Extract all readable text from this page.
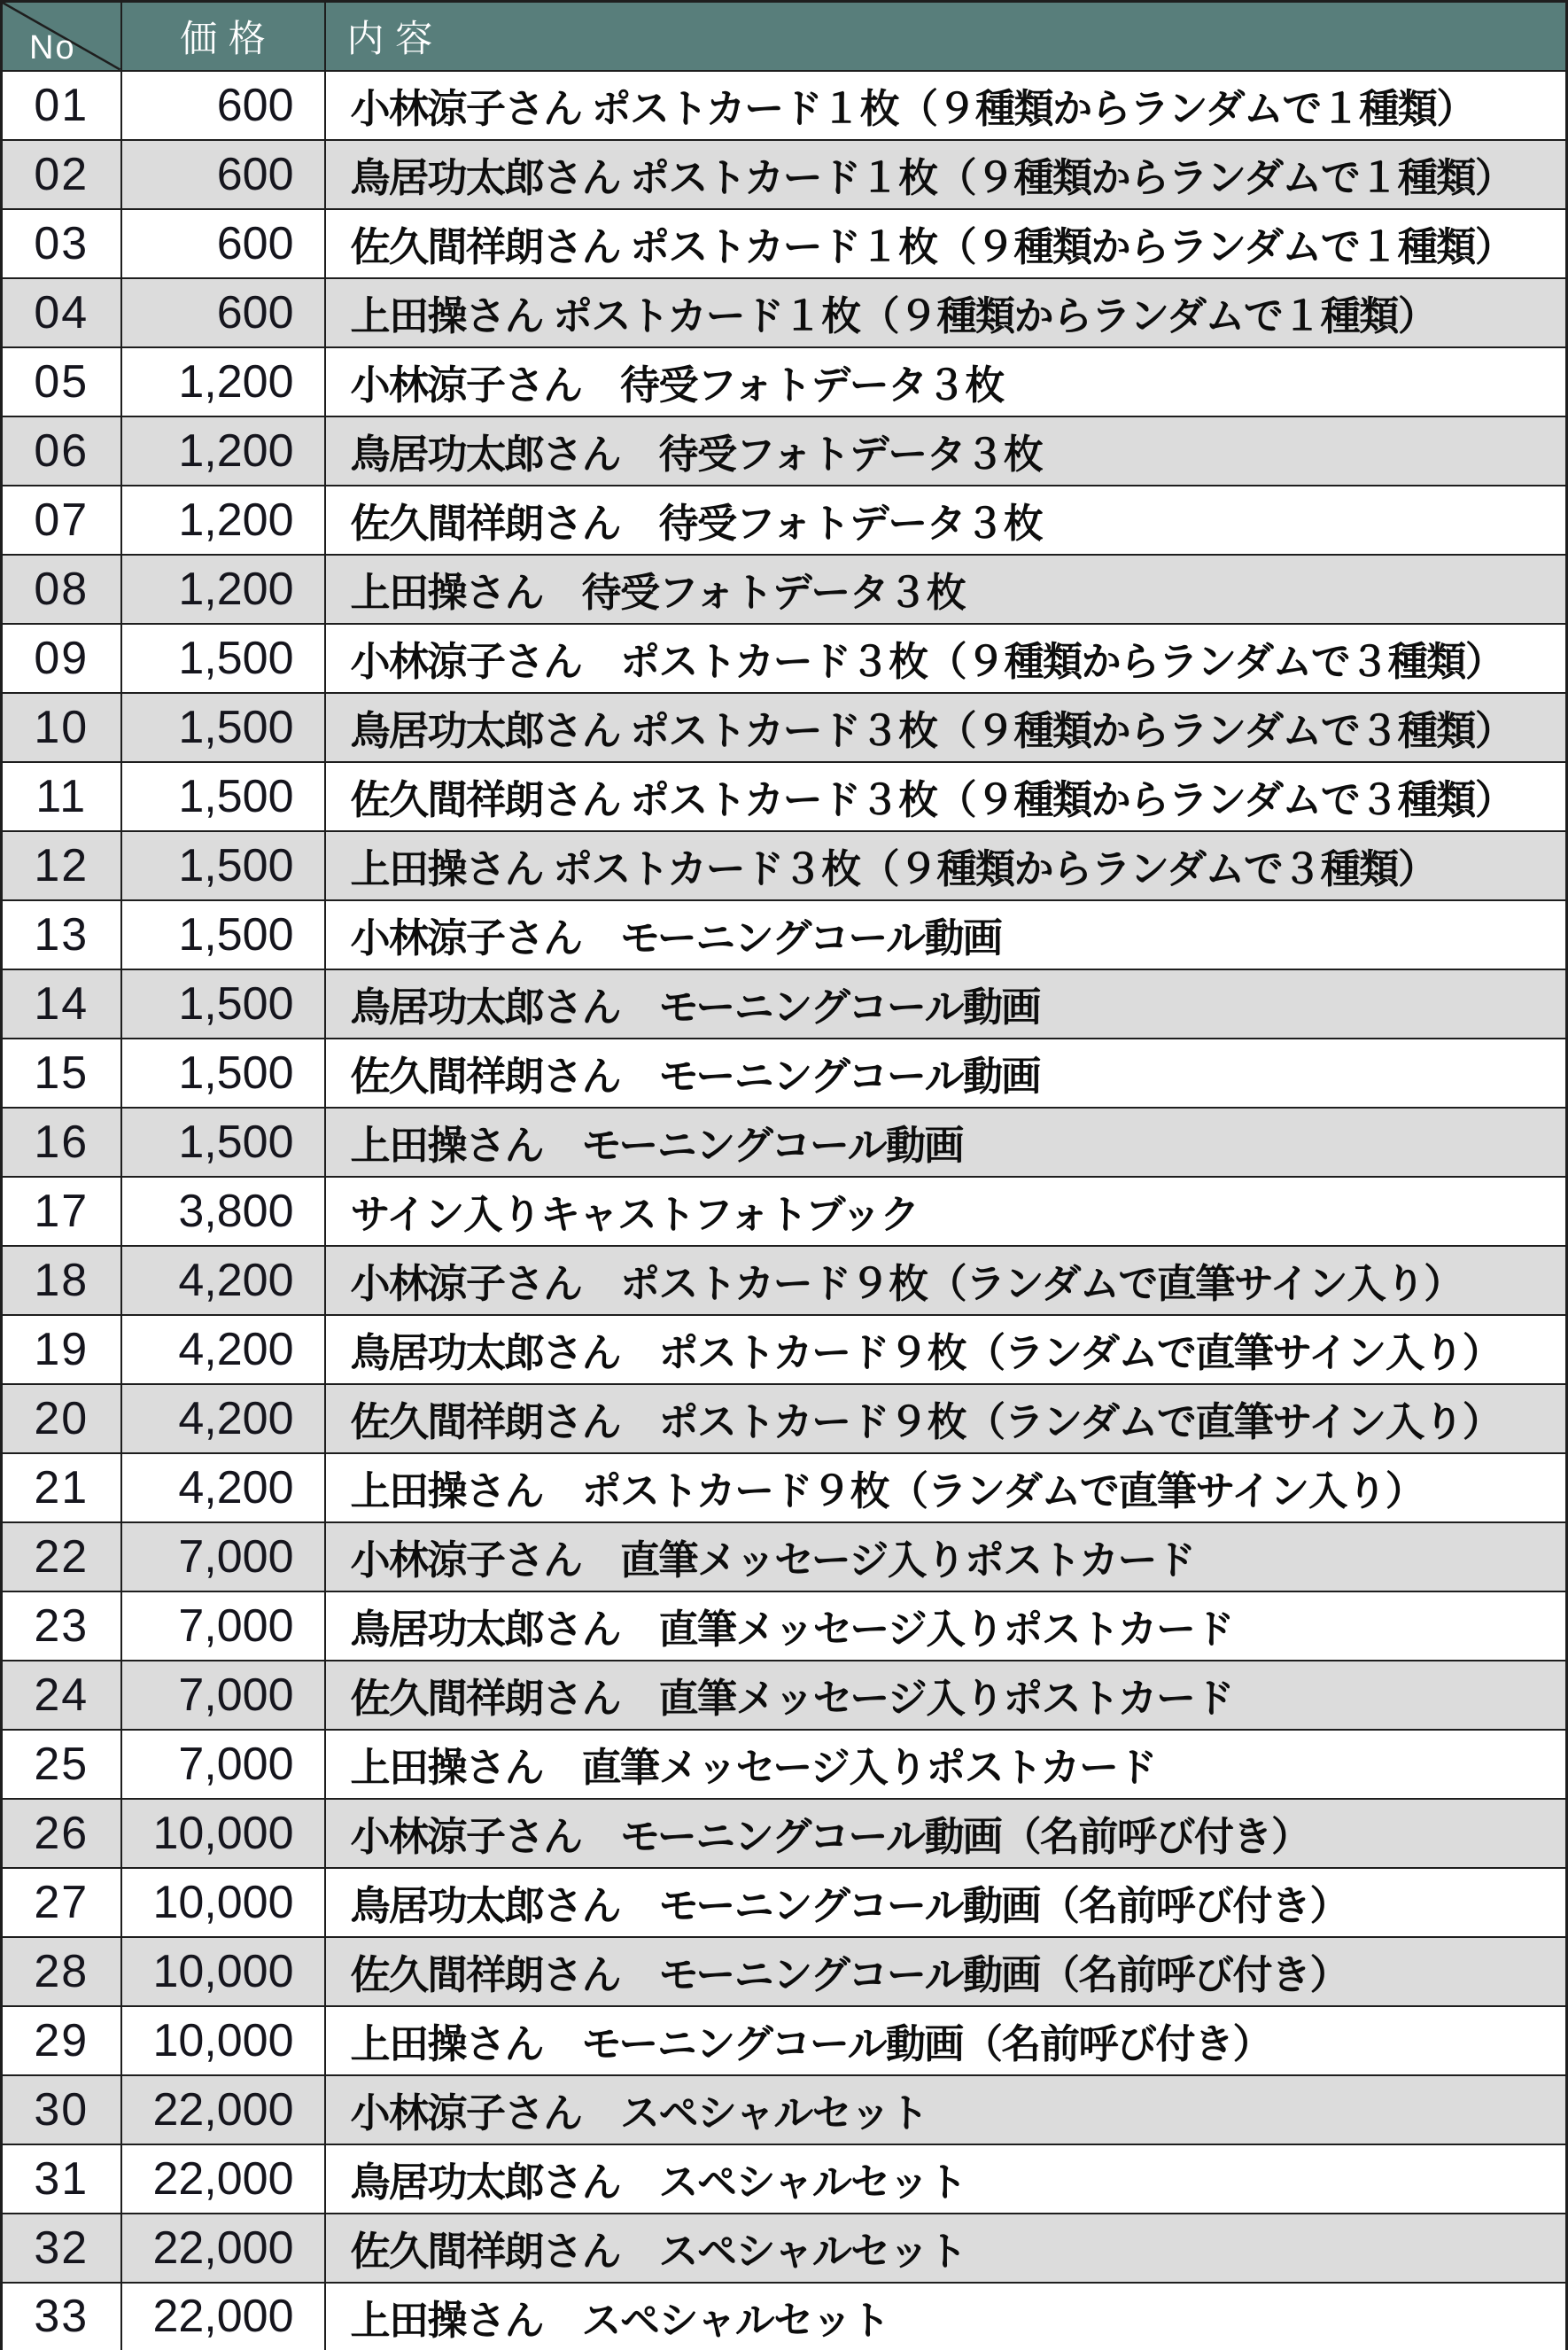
No	価格	内容
01	600	小林涼子さん ポストカード１枚（９種類からランダムで１種類）
02	600	鳥居功太郎さん ポストカード１枚（９種類からランダムで１種類）
03	600	佐久間祥朗さん ポストカード１枚（９種類からランダムで１種類）
04	600	上田操さん ポストカード１枚（９種類からランダムで１種類）
05	1,200	小林涼子さん　待受フォトデータ３枚
06	1,200	鳥居功太郎さん　待受フォトデータ３枚
07	1,200	佐久間祥朗さん　待受フォトデータ３枚
08	1,200	上田操さん　待受フォトデータ３枚
09	1,500	小林涼子さん　ポストカード３枚（９種類からランダムで３種類）
10	1,500	鳥居功太郎さん ポストカード３枚（９種類からランダムで３種類）
11	1,500	佐久間祥朗さん ポストカード３枚（９種類からランダムで３種類）
12	1,500	上田操さん ポストカード３枚（９種類からランダムで３種類）
13	1,500	小林涼子さん　モーニングコール動画
14	1,500	鳥居功太郎さん　モーニングコール動画
15	1,500	佐久間祥朗さん　モーニングコール動画
16	1,500	上田操さん　モーニングコール動画
17	3,800	サイン入りキャストフォトブック
18	4,200	小林涼子さん　ポストカード９枚（ランダムで直筆サイン入り）
19	4,200	鳥居功太郎さん　ポストカード９枚（ランダムで直筆サイン入り）
20	4,200	佐久間祥朗さん　ポストカード９枚（ランダムで直筆サイン入り）
21	4,200	上田操さん　ポストカード９枚（ランダムで直筆サイン入り）
22	7,000	小林涼子さん　直筆メッセージ入りポストカード
23	7,000	鳥居功太郎さん　直筆メッセージ入りポストカード
24	7,000	佐久間祥朗さん　直筆メッセージ入りポストカード
25	7,000	上田操さん　直筆メッセージ入りポストカード
26	10,000	小林涼子さん　モーニングコール動画（名前呼び付き）
27	10,000	鳥居功太郎さん　モーニングコール動画（名前呼び付き）
28	10,000	佐久間祥朗さん　モーニングコール動画（名前呼び付き）
29	10,000	上田操さん　モーニングコール動画（名前呼び付き）
30	22,000	小林涼子さん　スペシャルセット
31	22,000	鳥居功太郎さん　スペシャルセット
32	22,000	佐久間祥朗さん　スペシャルセット
33	22,000	上田操さん　スペシャルセット
